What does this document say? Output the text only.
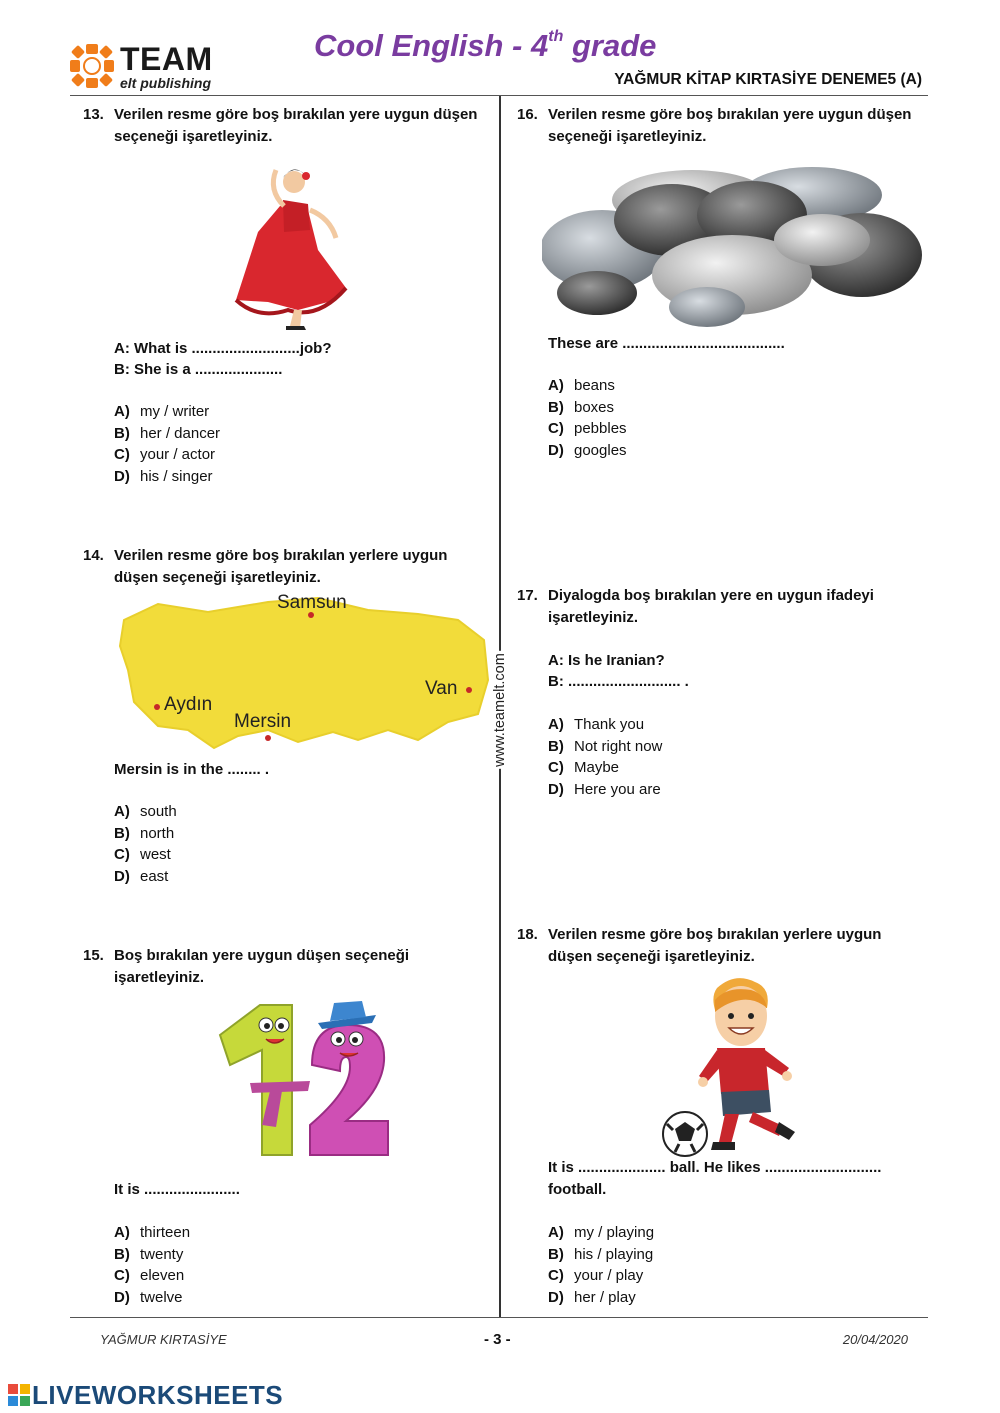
TEAM
elt publishing
Cool English - 4th grade
YAĞMUR KİTAP KIRTASİYE DENEME5 (A)
www.teamelt.com
13. Verilen resme göre boş bırakılan yere uygun düşen seçeneği işaretleyiniz.
A: What is ..........................job?
B: She is a .....................
A) my / writer
B) her / dancer
C) your / actor
D) his / singer
14. Verilen resme göre boş bırakılan yerlere uygun düşen seçeneği işaretleyiniz.
Samsun
Aydın
Mersin
Van
Mersin is in the ........ .
A) south
B) north
C) west
D) east
15. Boş bırakılan yere uygun düşen seçeneği işaretleyiniz.
It is .......................
A) thirteen
B) twenty
C) eleven
D) twelve
16. Verilen resme göre boş bırakılan yere uygun düşen seçeneği işaretleyiniz.
These are .......................................
A) beans
B) boxes
C) pebbles
D) googles
17. Diyalogda boş bırakılan yere en uygun ifadeyi işaretleyiniz.
A: Is he Iranian?
B: ........................... .
A) Thank you
B) Not right now
C) Maybe
D) Here you are
18. Verilen resme göre boş bırakılan yerlere uygun düşen seçeneği işaretleyiniz.
It is ..................... ball. He likes ............................
football.
A) my / playing
B) his / playing
C) your / play
D) her / play
YAĞMUR KIRTASİYE	- 3 -	20/04/2020
LIVEWORKSHEETS
